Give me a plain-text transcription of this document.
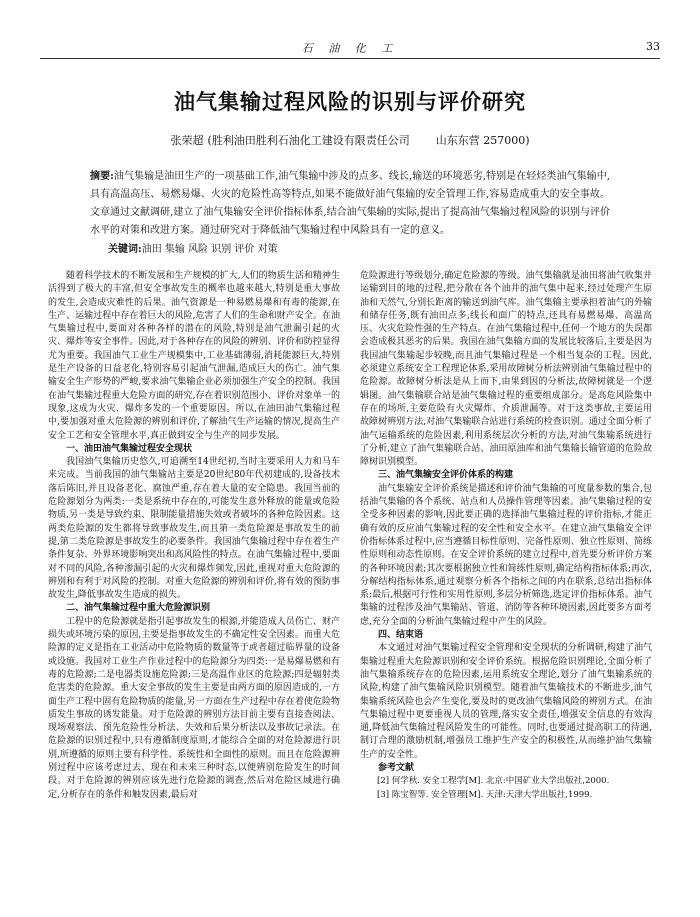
石 油 化 工	33
油气集输过程风险的识别与评价研究
张荣超 (胜利油田胜利石油化工建设有限责任公司 山东东营 257000)
摘要:油气集输是油田生产的一项基础工作,油气集输中涉及的点多、线长,输送的环境恶劣,特别是在轻烃类油气集输中,具有高温高压、易燃易爆、火灾的危险性高等特点,如果不能做好油气集输的安全管理工作,容易造成重大的安全事故。文章通过文献调研,建立了油气集输安全评价指标体系,结合油气集输的实际,提出了提高油气集输过程风险的识别与评价水平的对策和改进方案。通过研究对于降低油气集输过程中风险具有一定的意义。
关键词:油田 集输 风险 识别 评价 对策

随着科学技术的不断发展和生产规模的扩大,人们的物质生活和精神生活得到了极大的丰富,但安全事故发生的概率也越来越大,特别是重大事故的发生,会造成灾难性的后果。油气资源是一种易燃易爆和有毒的能源,在生产、运输过程中存在着巨大的风险,危害了人们的生命和财产安全。在油气集输过程中,要面对各种各样的潜在的风险,特别是油气泄漏引起的火灾、爆炸等安全事件。因此,对于各种存在的风险的辨别、评价和防控显得尤为重要。我国油气工业生产规模集中,工业基础薄弱,消耗能源巨大,特别是生产设备的日益老化,特别容易引起油气泄漏,造成巨大的伤亡。油气集输安全生产形势的严峻,要求油气集输企业必须加强生产安全的控制。我国在油气集输过程重大危险方面的研究,存在着识别范围小、评价对象单一的现象,这成为火灾、爆炸多发的一个重要原因。所以,在油田油气集输过程中,要加强对重大危险源的辨别和评价,了解油气生产运输的情况,提高生产安全工艺和安全管理水平,真正做到安全与生产的同步发展。

一、油田油气集输过程安全现状

我国油气集输历史悠久,可追溯至14世纪初,当时主要采用人力和马车来完成。当前我国的油气集输站主要是20世纪80年代初建成的,设备技术落后陈旧,并且设备老化、腐蚀严重,存在着大量的安全隐患。我国当前的危险源划分为两类:一类是系统中存在的,可能发生意外释放的能量或危险物质,另一类是导致约束、限制能量措施失效或者破坏的各种危险因素。这两类危险源的发生都将导致事故发生,而且第一类危险源是事故发生的前提,第二类危险源是事故发生的必要条件。我国油气集输过程中存在着生产条件复杂、外界环境影响突出和高风险性的特点。在油气集输过程中,要面对不同的风险,各种渗漏引起的火灾和爆炸频发,因此,重视对重大危险源的辨别和有利于对风险的控制。对重大危险源的辨别和评价,将有效的预防事故发生,降低事故发生造成的损失。

二、油气集输过程中重大危险源识别

工程中的危险源就是指引起事故发生的根源,并能造成人员伤亡、财产损失或环境污染的原因,主要是指事故发生的不确定性安全因素。而重大危险源的定义是指在工业活动中危险物质的数量等于或者超过临界量的设备或设施。我国对工业生产作业过程中的危险源分为四类:一是易爆易燃和有毒的危险源;二是电器类设施危险源;三是高温作业区的危险源;四是辐射类危害类的危险源。重大安全事故的发生主要是由两方面的原因造成的,一方面生产工程中固有危险物质的能量,另一方面在生产过程中存在着使危险物质发生事故的诱发能量。对于危险源的辨别方法目前主要有直接查阅法、现场观察法、预先危险性分析法、失效和后果分析法以及事故记录法。在危险源的识别过程中,只有遵循制度原则,才能综合全面的对危险源进行识别,所遵循的原则主要有科学性、系统性和全面性的原则。而且在危险源辨别过程中应该考虑过去、现在和未来三种时态,以便辨别危险发生的时间段。对于危险源的辨别应该先进行危险源的调查,然后对危险区域进行确定,分析存在的条件和触发因素,最后对

危险源进行等级划分,确定危险源的等级。油气集输就是油田将油气收集并运输到目的地的过程,把分散在各个油井的油气集中起来,经过处理产生原油和天然气,分别长距离的输送到油气库。油气集输主要承担着油气的外输和储存任务,既有油田点多,线长和面广的特点,还具有易燃易爆、高温高压、火灾危险性强的生产特点。在油气集输过程中,任何一个地方的失误都会造成极其恶劣的后果。我国在油气集输方面的发展比较落后,主要是因为我国油气集输起步较晚,而且油气集输过程是一个相当复杂的工程。因此,必须建立系统安全工程理论体系,采用故障树分析法辨别油气集输过程中的危险源。故障树分析法是从上而下,由果到因的分析法,故障树就是一个逻辑图。油气集输联合站是油气集输过程的重要组成部分。是高危风险集中存在的场所,主要危险有火灾爆炸、介质泄漏等。对于这类事故,主要运用故障树辨别方法,对油气集输联合站进行系统的检查识别。通过全面分析了油气运输系统的危险因素,利用系统层次分析的方法,对油气集输系统进行了分析,建立了油气集输联合站、油田原油库和油气集输长输管道的危险故障树识别模型。

三、油气集输安全评价体系的构建

油气集输安全评价系统是描述和评价油气集输的可度量参数的集合,包括油气集输的各个系统、站点和人员操作管理等因素。油气集输过程的安全受多种因素的影响,因此要正确的选择油气集输过程的评价指标,才能正确有效的反应油气集输过程的安全性和安全水平。在建立油气集输安全评价指标体系过程中,应当遵循目标性原则、完备性原则、独立性原则、简练性原则和动态性原则。在安全评价系统的建立过程中,首先要分析评价方案的各种环境因素;其次要根据独立性和简练性原则,确定结构指标体系;再次,分解结构指标体系,通过观察分析各个指标之间的内在联系,总结出指标体系;最后,根据可行性和实用性原则,多层分析筛选,选定评价指标体系。油气集输的过程涉及油气集输站、管道、消防等各种环境因素,因此要多方面考虑,充分全面的分析油气集输过程中产生的风险。

四、结束语

本文通过对油气集输过程安全管理和安全现状的分析调研,构建了油气集输过程重大危险源识别和安全评价系统。根据危险识别理论,全面分析了油气集输系统存在的危险因素,运用系统安全理论,划分了油气集输系统的风险,构建了油气集输风险识别模型。随着油气集输技术的不断进步,油气集输系统风险也会产生变化,要及时的更改油气集输风险的辨别方式。在油气集输过程中更要重视人员的管理,落实安全责任,增强安全信息的有效沟通,降低油气集输过程风险发生的可能性。同时,也要通过提高职工的待遇,制订合理的激励机制,增强员工维护生产安全的积极性,从而维护油气集输生产的安全性。

参考文献

[2] 何学秋. 安全工程学[M]. 北京:中国矿业大学出版社,2000.

[3] 陈宝智等. 安全管理[M]. 天津:天津大学出版社,1999.
